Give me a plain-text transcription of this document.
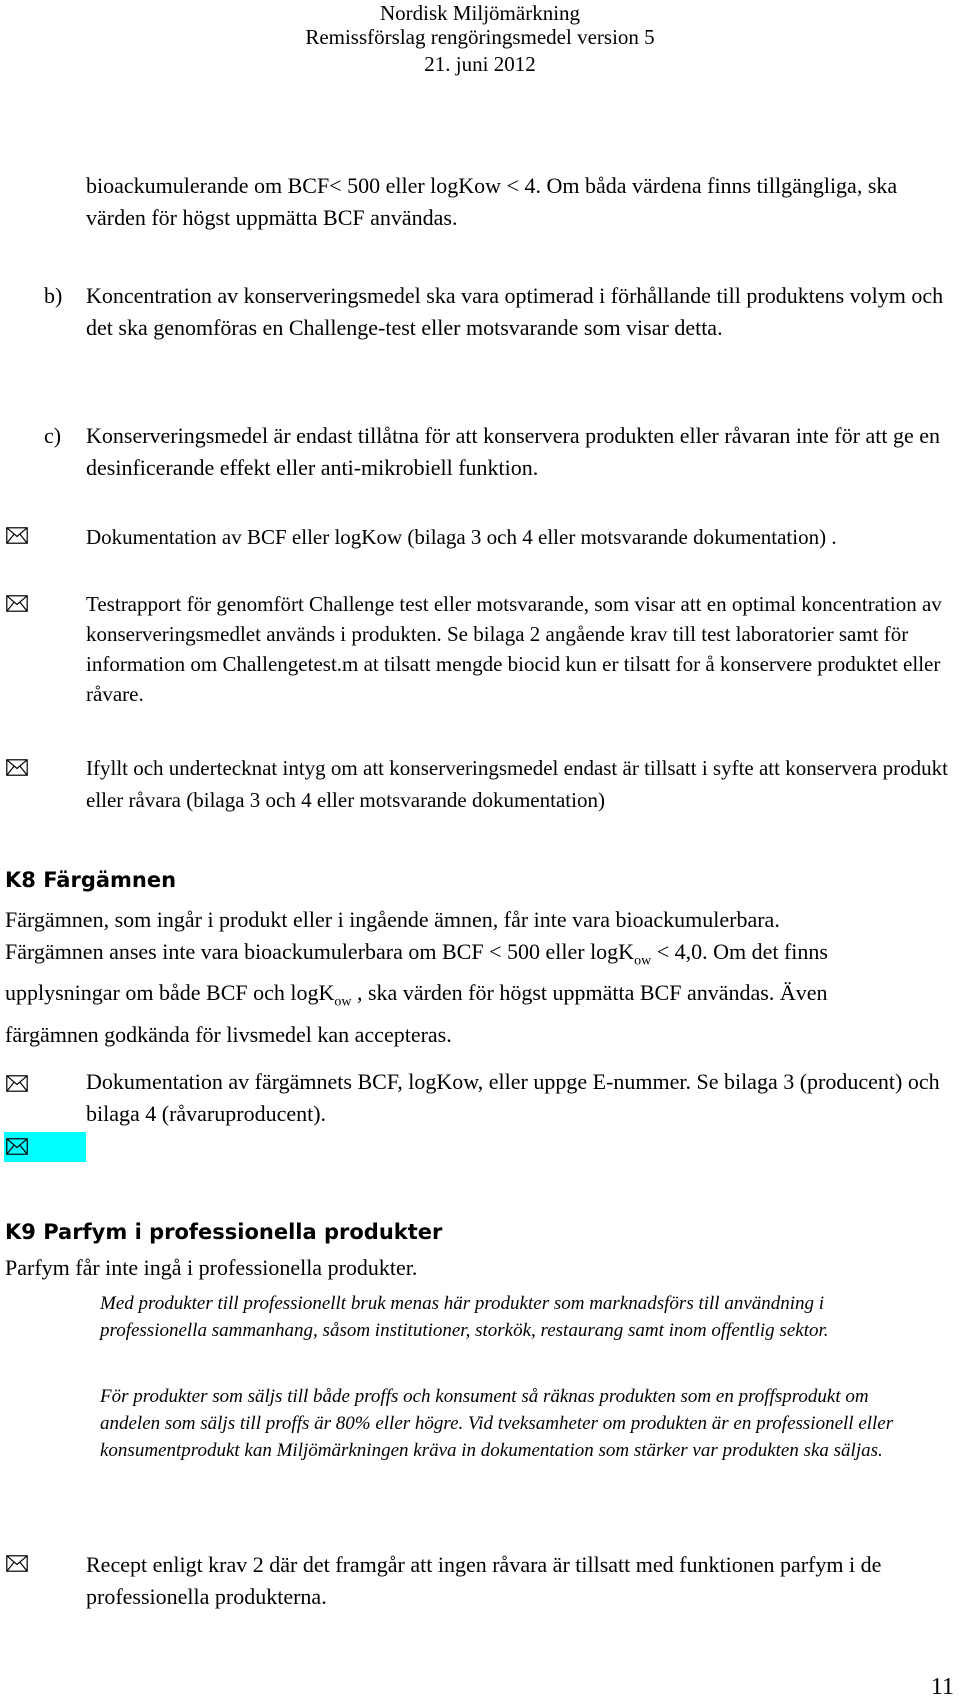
Nordisk Miljömärkning
Remissförslag rengöringsmedel version 5
21. juni 2012

bioackumulerande om BCF< 500 eller logKow < 4. Om båda värdena finns tillgängliga, ska värden för högst uppmätta BCF användas.

b) Koncentration av konserveringsmedel ska vara optimerad i förhållande till produktens volym och det ska genomföras en Challenge-test eller motsvarande som visar detta.

c) Konserveringsmedel är endast tillåtna för att konservera produkten eller råvaran inte för att ge en desinficerande effekt eller anti-mikrobiell funktion.

Dokumentation av BCF eller logKow (bilaga 3 och 4 eller motsvarande dokumentation) .

Testrapport för genomfört Challenge test eller motsvarande, som visar att en optimal koncentration av konserveringsmedlet används i produkten. Se bilaga 2 angående krav till test laboratorier samt för information om Challengetest.m at tilsatt mengde biocid kun er tilsatt for å konservere produktet eller råvare.

Ifyllt och undertecknat intyg om att konserveringsmedel endast är tillsatt i syfte att konservera produkt eller råvara (bilaga 3 och 4 eller motsvarande dokumentation)

K8 Färgämnen
Färgämnen, som ingår i produkt eller i ingående ämnen, får inte vara bioackumulerbara.
Färgämnen anses inte vara bioackumulerbara om BCF < 500 eller logK$_{ow}$ < 4,0. Om det finns
upplysningar om både BCF och logK$_{ow}$ , ska värden för högst uppmätta BCF användas. Även
färgämnen godkända för livsmedel kan accepteras.

Dokumentation av färgämnets BCF, logKow, eller uppge E-nummer. Se bilaga 3 (producent) och bilaga 4 (råvaruproducent).

K9 Parfym i professionella produkter

Parfym får inte ingå i professionella produkter.

Med produkter till professionellt bruk menas här produkter som marknadsförs till användning i professionella sammanhang, såsom institutioner, storkök, restaurang samt inom offentlig sektor.

För produkter som säljs till både proffs och konsument så räknas produkten som en proffsprodukt om andelen som säljs till proffs är 80% eller högre. Vid tveksamheter om produkten är en professionell eller konsumentprodukt kan Miljömärkningen kräva in dokumentation som stärker var produkten ska säljas.

Recept enligt krav 2 där det framgår att ingen råvara är tillsatt med funktionen parfym i de professionella produkterna.

11
